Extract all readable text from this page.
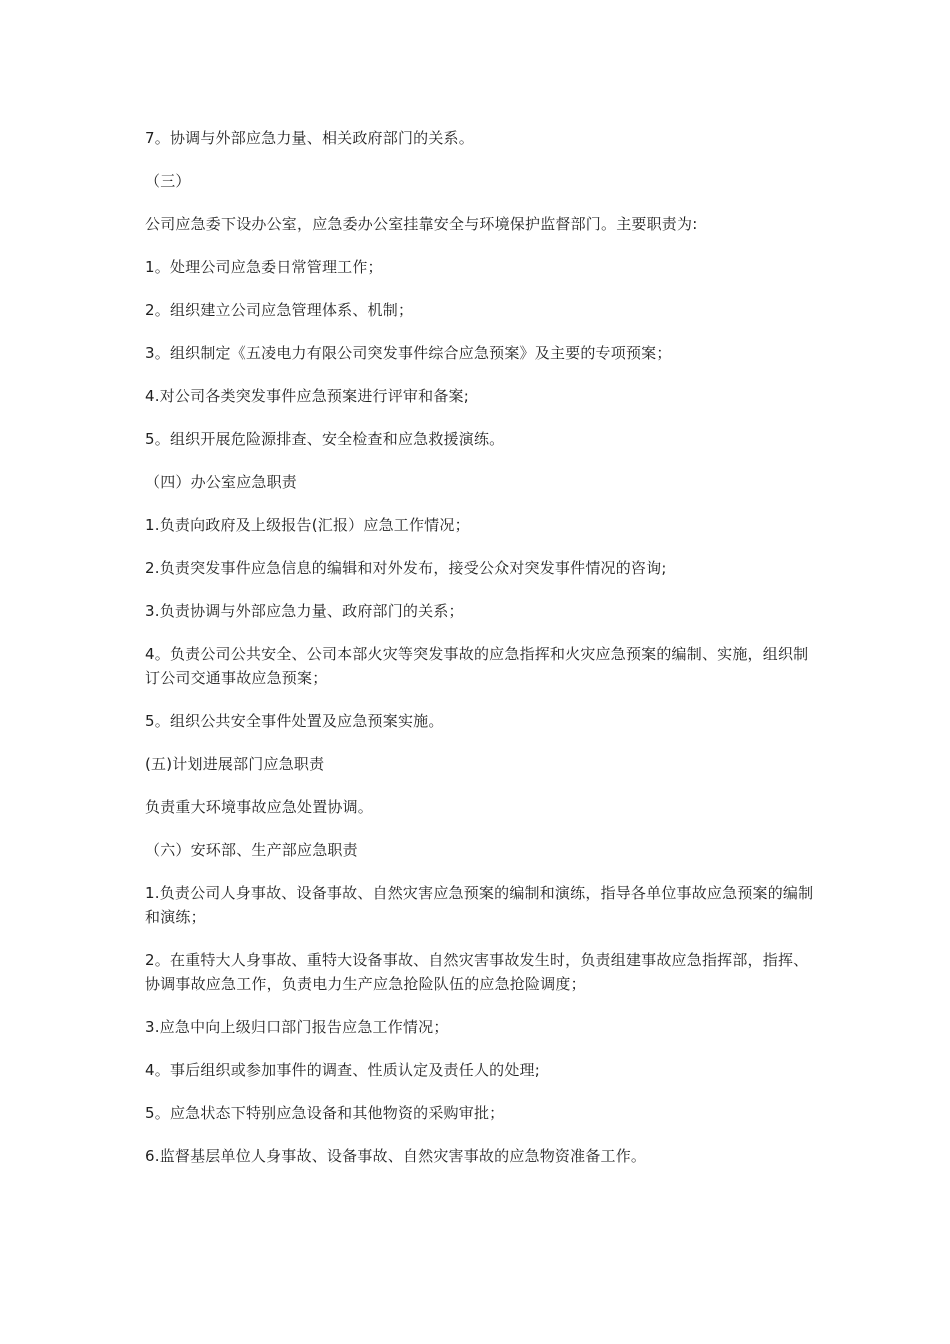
7。协调与外部应急力量、相关政府部门的关系。

（三）

公司应急委下设办公室，应急委办公室挂靠安全与环境保护监督部门。主要职责为:

1。处理公司应急委日常管理工作；

2。组织建立公司应急管理体系、机制；

3。组织制定《五凌电力有限公司突发事件综合应急预案》及主要的专项预案；

4.对公司各类突发事件应急预案进行评审和备案;

5。组织开展危险源排查、安全检查和应急救援演练。

（四）办公室应急职责

1.负责向政府及上级报告(汇报）应急工作情况；

2.负责突发事件应急信息的编辑和对外发布，接受公众对突发事件情况的咨询;

3.负责协调与外部应急力量、政府部门的关系；

4。负责公司公共安全、公司本部火灾等突发事故的应急指挥和火灾应急预案的编制、实施，组织制订公司交通事故应急预案；

5。组织公共安全事件处置及应急预案实施。

(五)计划进展部门应急职责

负责重大环境事故应急处置协调。

（六）安环部、生产部应急职责

1.负责公司人身事故、设备事故、自然灾害应急预案的编制和演练，指导各单位事故应急预案的编制和演练；

2。在重特大人身事故、重特大设备事故、自然灾害事故发生时，负责组建事故应急指挥部，指挥、协调事故应急工作，负责电力生产应急抢险队伍的应急抢险调度；

3.应急中向上级归口部门报告应急工作情况；

4。事后组织或参加事件的调查、性质认定及责任人的处理;

5。应急状态下特别应急设备和其他物资的采购审批；

6.监督基层单位人身事故、设备事故、自然灾害事故的应急物资准备工作。
